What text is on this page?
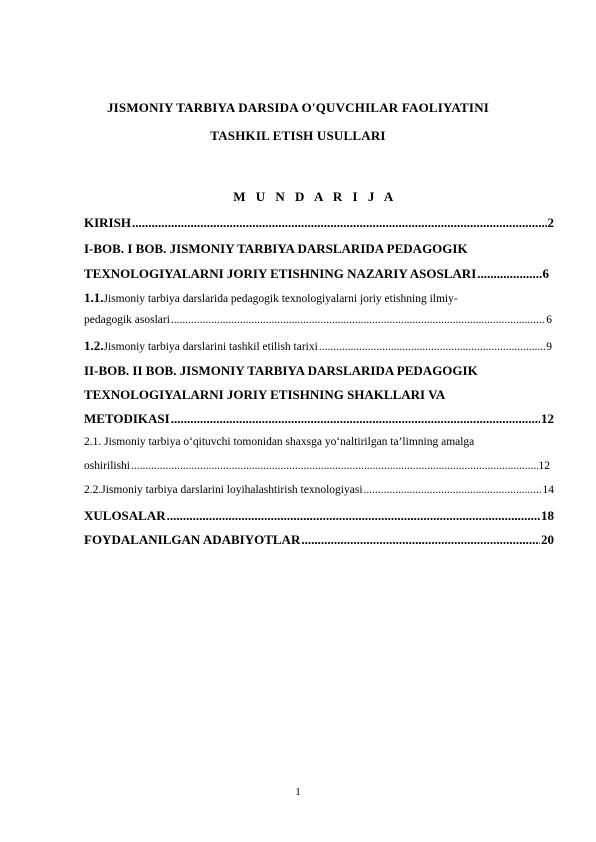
JISMONIY TARBIYA DARSIDA O'QUVCHILAR FAOLIYATINI
TASHKIL ETISH USULLARI
M U N D A R I J A
KIRISH .....	2
I-BOB. I BOB. JISMONIY TARBIYA DARSLARIDA PEDAGOGIK
TEXNOLOGIYALARNI JORIY ETISHNING NAZARIY ASOSLARI .....	6
1.1. Jismoniy tarbiya darslarida pedagogik texnologiyalarni joriy etishning ilmiy-
pedagogik asoslari .....	6
1.2. Jismoniy tarbiya darslarini tashkil etilish tarixi .....	9
II-BOB. II BOB. JISMONIY TARBIYA DARSLARIDA PEDAGOGIK
TEXNOLOGIYALARNI JORIY ETISHNING SHAKLLARI VA
METODIKASI .....	12
2.1. Jismoniy tarbiya o‘qituvchi tomonidan shaxsga yo‘naltirilgan ta’limning amalga
oshirilishi .....	12
2.2. Jismoniy tarbiya darslarini loyihalashtirish texnologiyasi .....	14
XULOSALAR .....	18
FOYDALANILGAN ADABIYOTLAR .....	20
1
